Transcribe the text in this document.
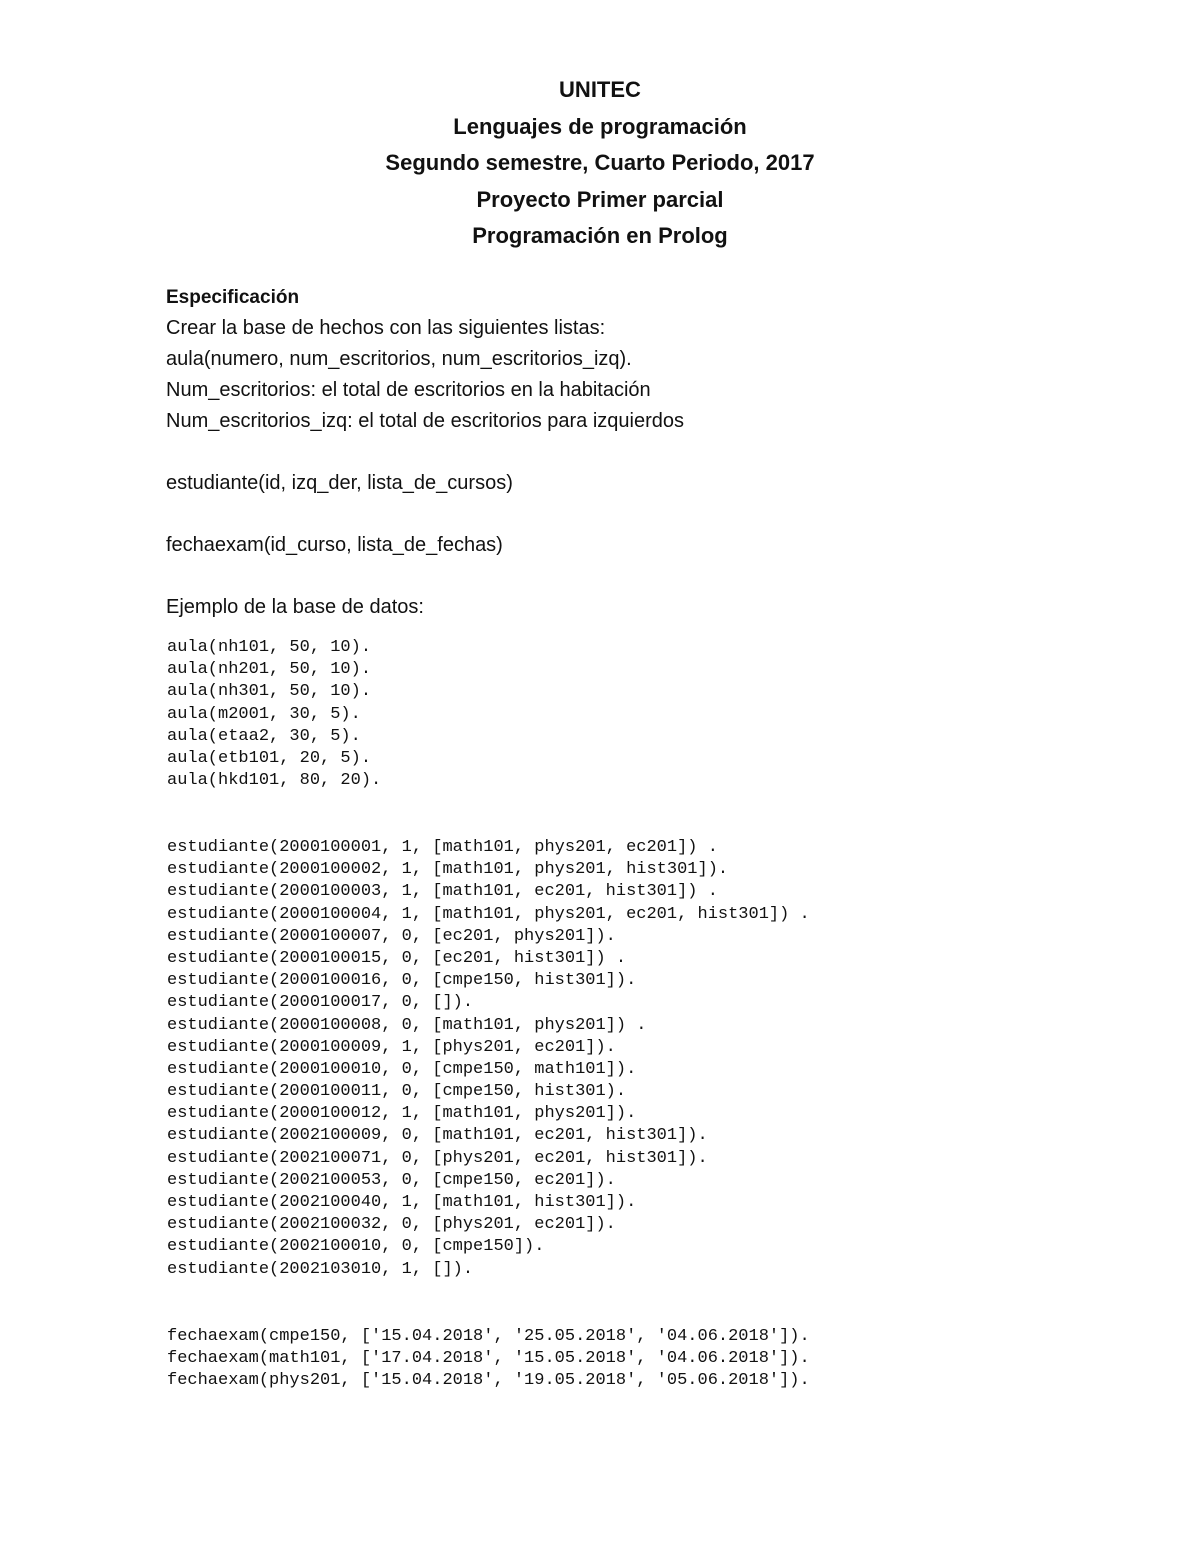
UNITEC
Lenguajes de programación
Segundo semestre, Cuarto Periodo, 2017
Proyecto Primer parcial
Programación en Prolog
Especificación
Crear la base de hechos con las siguientes listas:
aula(numero, num_escritorios, num_escritorios_izq).
Num_escritorios: el total de escritorios en la habitación
Num_escritorios_izq: el total de escritorios para izquierdos
estudiante(id, izq_der, lista_de_cursos)
fechaexam(id_curso, lista_de_fechas)
Ejemplo de la base de datos:
aula(nh101, 50, 10).
aula(nh201, 50, 10).
aula(nh301, 50, 10).
aula(m2001, 30, 5).
aula(etaa2, 30, 5).
aula(etb101, 20, 5).
aula(hkd101, 80, 20).
estudiante(2000100001, 1, [math101, phys201, ec201]) .
estudiante(2000100002, 1, [math101, phys201, hist301]).
estudiante(2000100003, 1, [math101, ec201, hist301]) .
estudiante(2000100004, 1, [math101, phys201, ec201, hist301]) .
estudiante(2000100007, 0, [ec201, phys201]).
estudiante(2000100015, 0, [ec201, hist301]) .
estudiante(2000100016, 0, [cmpe150, hist301]).
estudiante(2000100017, 0, []).
estudiante(2000100008, 0, [math101, phys201]) .
estudiante(2000100009, 1, [phys201, ec201]).
estudiante(2000100010, 0, [cmpe150, math101]).
estudiante(2000100011, 0, [cmpe150, hist301).
estudiante(2000100012, 1, [math101, phys201]).
estudiante(2002100009, 0, [math101, ec201, hist301]).
estudiante(2002100071, 0, [phys201, ec201, hist301]).
estudiante(2002100053, 0, [cmpe150, ec201]).
estudiante(2002100040, 1, [math101, hist301]).
estudiante(2002100032, 0, [phys201, ec201]).
estudiante(2002100010, 0, [cmpe150]).
estudiante(2002103010, 1, []).
fechaexam(cmpe150, ['15.04.2018', '25.05.2018', '04.06.2018']).
fechaexam(math101, ['17.04.2018', '15.05.2018', '04.06.2018']).
fechaexam(phys201, ['15.04.2018', '19.05.2018', '05.06.2018']).
